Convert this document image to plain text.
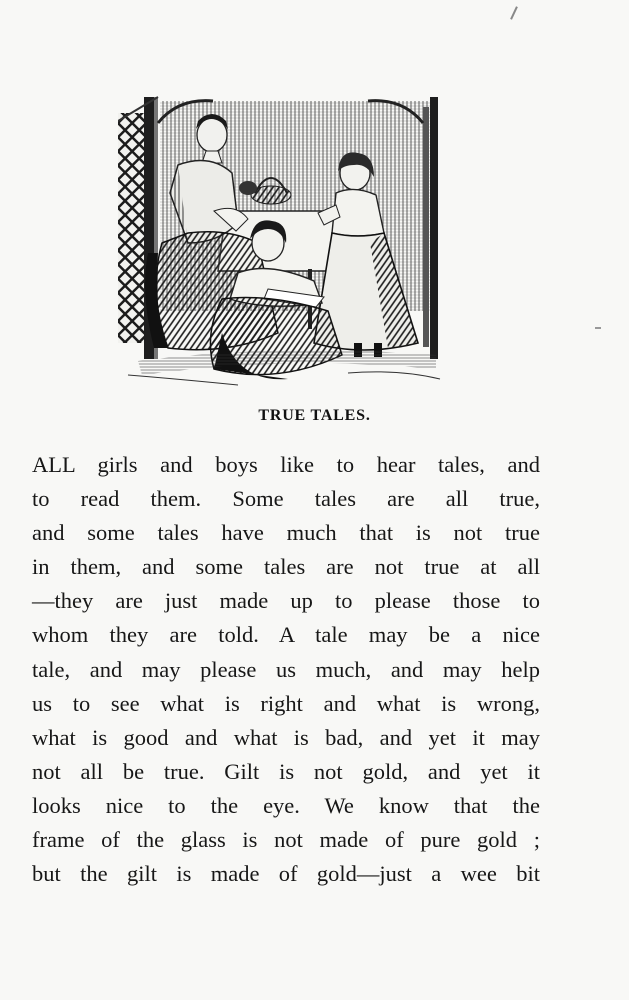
TRUE TALES.
ALL girls and boys like to hear tales, and
to read them. Some tales are all true,
and some tales have much that is not true
in them, and some tales are not true at all
—they are just made up to please those to
whom they are told. A tale may be a nice
tale, and may please us much, and may help
us to see what is right and what is wrong,
what is good and what is bad, and yet it may
not all be true. Gilt is not gold, and yet it
looks nice to the eye. We know that the
frame of the glass is not made of pure gold ;
but the gilt is made of gold—just a wee bit
